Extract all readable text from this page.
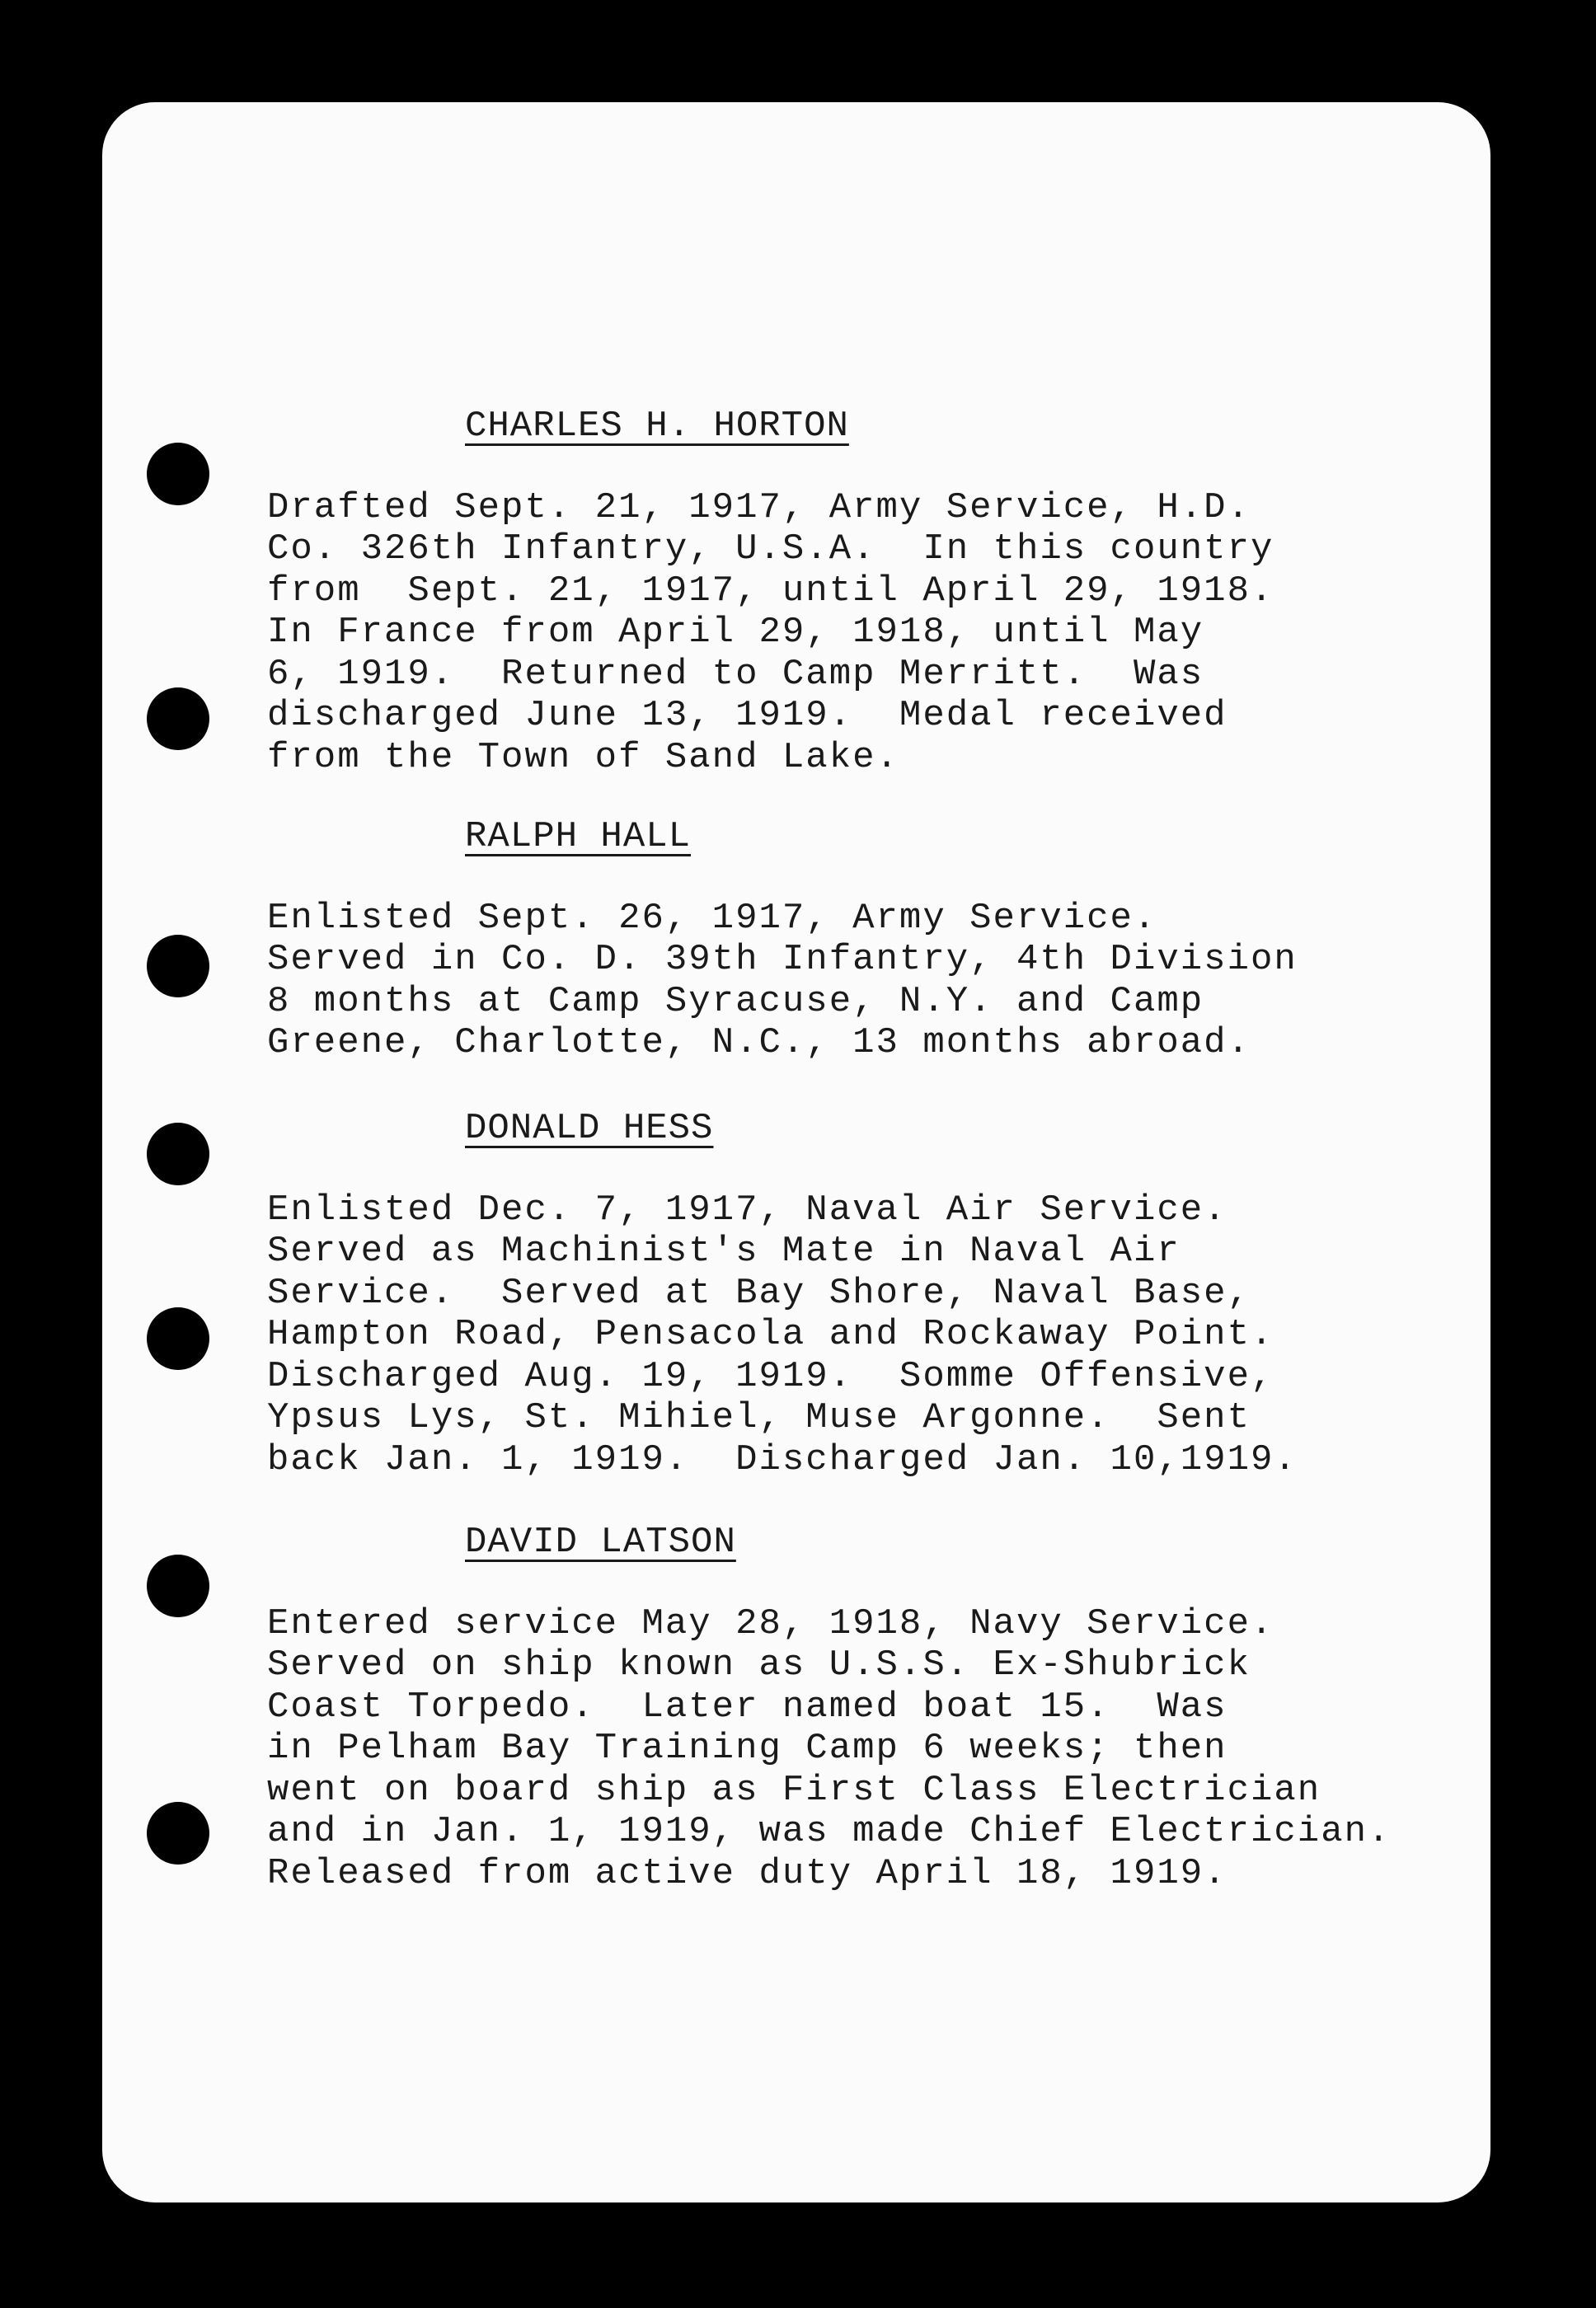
CHARLES H. HORTON
Drafted Sept. 21, 1917, Army Service, H.D.
Co. 326th Infantry, U.S.A.  In this country
from  Sept. 21, 1917, until April 29, 1918.
In France from April 29, 1918, until May
6, 1919.  Returned to Camp Merritt.  Was
discharged June 13, 1919.  Medal received
from the Town of Sand Lake.
RALPH HALL
Enlisted Sept. 26, 1917, Army Service.
Served in Co. D. 39th Infantry, 4th Division
8 months at Camp Syracuse, N.Y. and Camp
Greene, Charlotte, N.C., 13 months abroad.
DONALD HESS
Enlisted Dec. 7, 1917, Naval Air Service.
Served as Machinist's Mate in Naval Air
Service.  Served at Bay Shore, Naval Base,
Hampton Road, Pensacola and Rockaway Point.
Discharged Aug. 19, 1919.  Somme Offensive,
Ypsus Lys, St. Mihiel, Muse Argonne.  Sent
back Jan. 1, 1919.  Discharged Jan. 10,1919.
DAVID LATSON
Entered service May 28, 1918, Navy Service.
Served on ship known as U.S.S. Ex-Shubrick
Coast Torpedo.  Later named boat 15.  Was
in Pelham Bay Training Camp 6 weeks; then
went on board ship as First Class Electrician
and in Jan. 1, 1919, was made Chief Electrician.
Released from active duty April 18, 1919.
